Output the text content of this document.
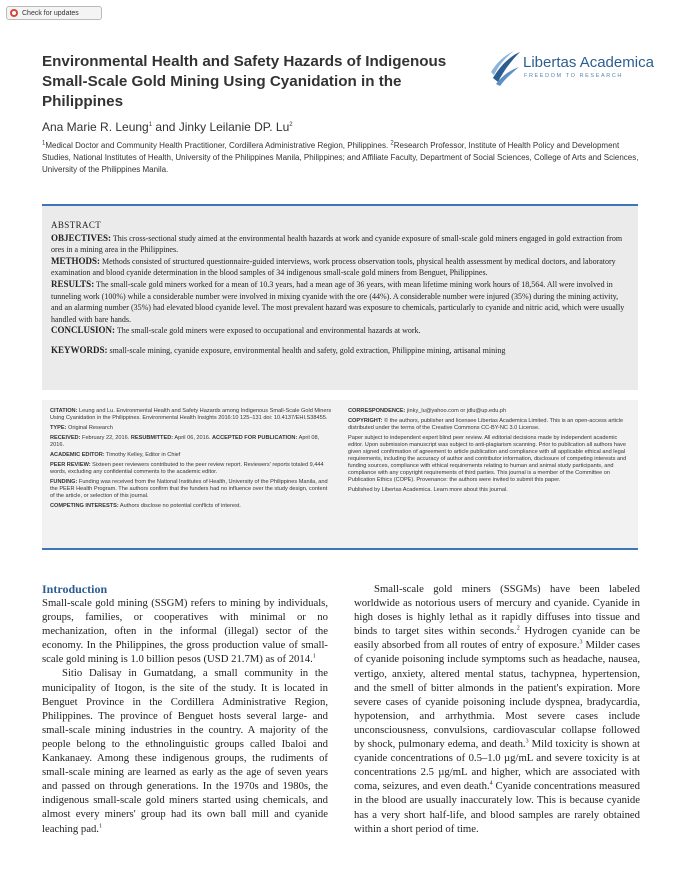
Check for updates
Environmental Health and Safety Hazards of Indigenous Small-Scale Gold Mining Using Cyanidation in the Philippines
Libertas Academica
FREEDOM TO RESEARCH

Ana Marie R. Leung$^1$ and Jinky Leilanie DP. Lu$^2$

$^1$Medical Doctor and Community Health Practitioner, Cordillera Administrative Region, Philippines. $^2$Research Professor, Institute of Health Policy and Development Studies, National Institutes of Health, University of the Philippines Manila, Philippines; and Affiliate Faculty, Department of Social Sciences, College of Arts and Sciences, University of the Philippines Manila.

ABSTRACT

OBJECTIVES: This cross-sectional study aimed at the environmental health hazards at work and cyanide exposure of small-scale gold miners engaged in gold extraction from ores in a mining area in the Philippines.

METHODS: Methods consisted of structured questionnaire-guided interviews, work process observation tools, physical health assessment by medical doctors, and laboratory examination and blood cyanide determination in the blood samples of 34 indigenous small-scale gold miners from Benguet, Philippines.

RESULTS: The small-scale gold miners worked for a mean of 10.3 years, had a mean age of 36 years, with mean lifetime mining work hours of 18,564. All were involved in tunneling work (100%) while a considerable number were involved in mixing cyanide with the ore (44%). A considerable number were injured (35%) during the mining activity, and an alarming number (35%) had elevated blood cyanide level. The most prevalent hazard was exposure to chemicals, particularly to cyanide and nitric acid, which were usually handled with bare hands.

CONCLUSION: The small-scale gold miners were exposed to occupational and environmental hazards at work.

KEYWORDS: small-scale mining, cyanide exposure, environmental health and safety, gold extraction, Philippine mining, artisanal mining

CITATION: Leung and Lu. Environmental Health and Safety Hazards among Indigenous Small-Scale Gold Miners Using Cyanidation in the Philippines. Environmental Health Insights 2016:10 125–131 doi: 10.4137/EHI.S38455.

TYPE: Original Research

RECEIVED: February 22, 2016. RESUBMITTED: April 06, 2016. ACCEPTED FOR PUBLICATION: April 08, 2016.

ACADEMIC EDITOR: Timothy Kelley, Editor in Chief

PEER REVIEW: Sixteen peer reviewers contributed to the peer review report. Reviewers' reports totaled 9,444 words, excluding any confidential comments to the academic editor.

FUNDING: Funding was received from the National Institutes of Health, University of the Philippines Manila, and the PEER Health Program. The authors confirm that the funders had no influence over the study design, content of the article, or selection of this journal.

COMPETING INTERESTS: Authors disclose no potential conflicts of interest.

CORRESPONDENCE: jinky_lu@yahoo.com or jdlu@up.edu.ph

COPYRIGHT: © the authors, publisher and licensee Libertas Academica Limited. This is an open-access article distributed under the terms of the Creative Commons CC-BY-NC 3.0 License.

Paper subject to independent expert blind peer review. All editorial decisions made by independent academic editor. Upon submission manuscript was subject to anti-plagiarism scanning. Prior to publication all authors have given signed confirmation of agreement to article publication and compliance with all applicable ethical and legal requirements, including the accuracy of author and contributor information, disclosure of competing interests and funding sources, compliance with ethical requirements relating to human and animal study participants, and compliance with any copyright requirements of third parties. This journal is a member of the Committee on Publication Ethics (COPE). Provenance: the authors were invited to submit this paper.

Published by Libertas Academica. Learn more about this journal.

Introduction

Small-scale gold mining (SSGM) refers to mining by individuals, groups, families, or cooperatives with minimal or no mechanization, often in the informal (illegal) sector of the economy. In the Philippines, the gross production value of small-scale gold mining is 1.0 billion pesos (USD 21.7M) as of 2014.$^1$

Sitio Dalisay in Gumatdang, a small community in the municipality of Itogon, is the site of the study. It is located in Benguet Province in the Cordillera Administrative Region, Philippines. The province of Benguet hosts several large- and small-scale mining industries in the country. A majority of the people belong to the ethnolinguistic groups called Ibaloi and Kankanaey. Among these indigenous groups, the rudiments of small-scale mining are learned as early as the age of seven years and passed on through generations. In the 1970s and 1980s, the indigenous small-scale gold miners started using chemicals, and almost every miners' group had its own ball mill and cyanide leaching pad.$^1$

Small-scale gold miners (SSGMs) have been labeled worldwide as notorious users of mercury and cyanide. Cyanide in high doses is highly lethal as it rapidly diffuses into tissue and binds to target sites within seconds.$^2$ Hydrogen cyanide can be easily absorbed from all routes of entry of exposure.$^3$ Milder cases of cyanide poisoning include symptoms such as headache, nausea, vertigo, anxiety, altered mental status, tachypnea, hypertension, and the smell of bitter almonds in the patient's expiration. More severe cases of cyanide poisoning include dyspnea, bradycardia, hypotension, and arrhythmia. Most severe cases include unconsciousness, convulsions, cardiovascular collapse followed by shock, pulmonary edema, and death.$^3$ Mild toxicity is shown at cyanide concentrations of 0.5–1.0 µg/mL and severe toxicity is at concentrations 2.5 µg/mL and higher, which are associated with coma, seizures, and even death.$^4$ Cyanide concentrations measured in the blood are usually inaccurately low. This is because cyanide has a very short half-life, and blood samples are rarely obtained within a short period of time.
